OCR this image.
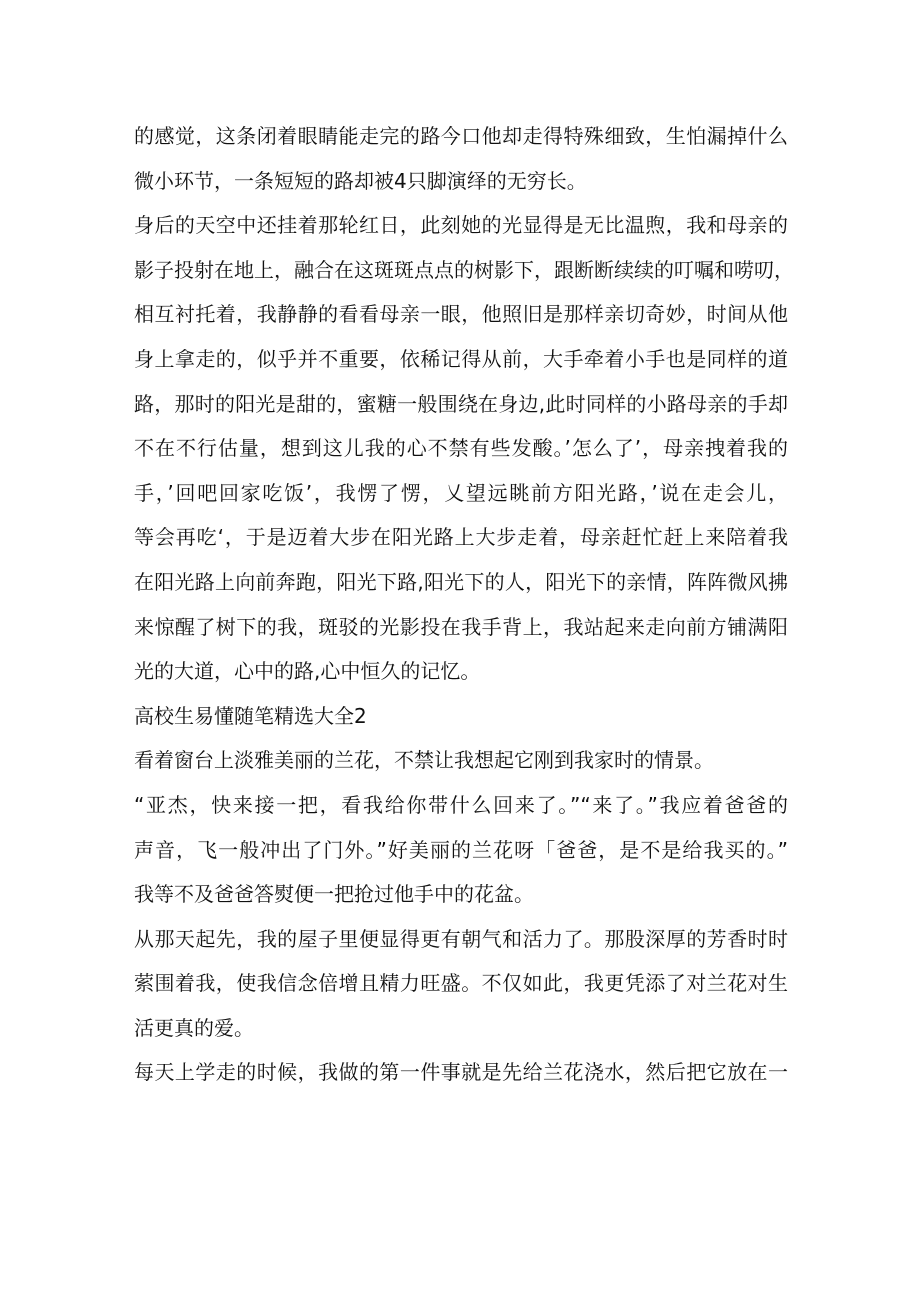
的感觉，这条闭着眼睛能走完的路今口他却走得特殊细致，生怕漏掉什么
微小环节，一条短短的路却被4只脚演绎的无穷长。

身后的天空中还挂着那轮红日，此刻她的光显得是无比温煦，我和母亲的
影子投射在地上，融合在这斑斑点点的树影下，跟断断续续的叮嘱和唠叨，
相互衬托着，我静静的看看母亲一眼，他照旧是那样亲切奇妙，时间从他
身上拿走的，似乎并不重要，依稀记得从前，大手牵着小手也是同样的道
路，那时的阳光是甜的，蜜糖一般围绕在身边,此时同样的小路母亲的手却
不在不行估量，想到这儿我的心不禁有些发酸。’怎么了’，母亲拽着我的
手，’回吧回家吃饭’，我愣了愣，乂望远眺前方阳光路，’说在走会儿，
等会再吃‘，于是迈着大步在阳光路上大步走着，母亲赶忙赶上来陪着我
在阳光路上向前奔跑，阳光下路,阳光下的人，阳光下的亲情，阵阵微风拂
来惊醒了树下的我，斑驳的光影投在我手背上，我站起来走向前方铺满阳
光的大道，心中的路,心中恒久的记忆。

高校生易懂随笔精选大全2

看着窗台上淡雅美丽的兰花，不禁让我想起它刚到我家时的情景。

“亚杰，快来接一把，看我给你带什么回来了。”“来了。”我应着爸爸的
声音，飞一般冲出了门外。”好美丽的兰花呀「爸爸，是不是给我买的。”
我等不及爸爸答熨便一把抢过他手中的花盆。

从那天起先，我的屋子里便显得更有朝气和活力了。那股深厚的芳香时时
萦围着我，使我信念倍增且精力旺盛。不仅如此，我更凭添了对兰花对生
活更真的爱。

每天上学走的时候，我做的第一件事就是先给兰花浇水，然后把它放在一
